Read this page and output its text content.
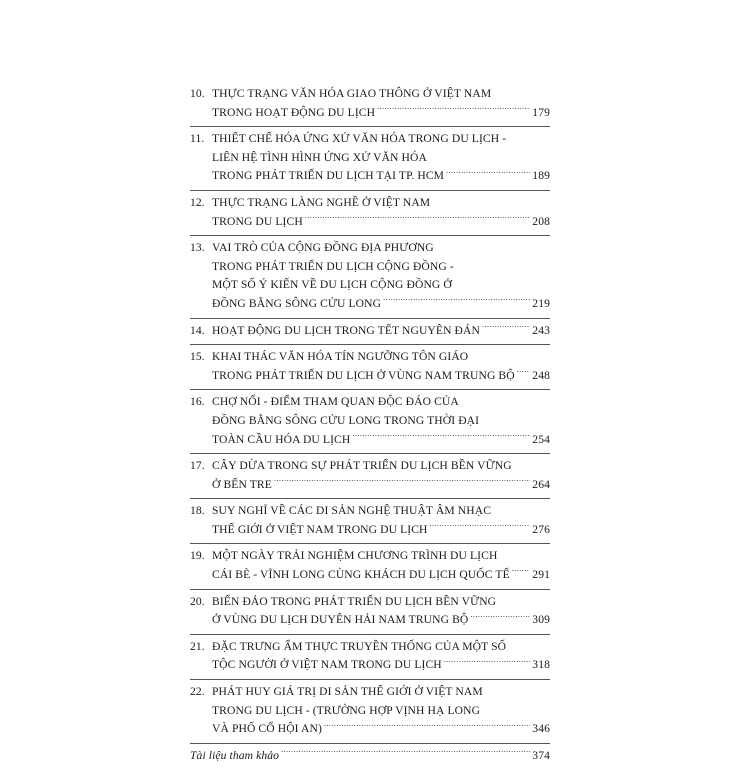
10. THỰC TRẠNG VĂN HÓA GIAO THÔNG Ở VIỆT NAM
TRONG HOẠT ĐỘNG DU LỊCH .....	179
11. THIẾT CHẾ HÓA ỨNG XỬ VĂN HÓA TRONG DU LỊCH -
LIÊN HỆ TÌNH HÌNH ỨNG XỬ VĂN HÓA
TRONG PHÁT TRIỂN DU LỊCH TẠI TP. HCM .....	189
12. THỰC TRẠNG LÀNG NGHỀ Ở VIỆT NAM
TRONG DU LỊCH .....	208
13. VAI TRÒ CỦA CỘNG ĐỒNG ĐỊA PHƯƠNG
TRONG PHÁT TRIỂN DU LỊCH CỘNG ĐỒNG -
MỘT SỐ Ý KIẾN VỀ DU LỊCH CỘNG ĐỒNG Ở
ĐỒNG BẰNG SÔNG CỬU LONG .....	219
14. HOẠT ĐỘNG DU LỊCH TRONG TẾT NGUYÊN ĐÁN .....	243
15. KHAI THÁC VĂN HÓA TÍN NGƯỠNG TÔN GIÁO
TRONG PHÁT TRIỂN DU LỊCH Ở VÙNG NAM TRUNG BỘ ..... 248
16. CHỢ NỔI - ĐIỂM THAM QUAN ĐỘC ĐÁO CỦA
ĐỒNG BẰNG SÔNG CỬU LONG TRONG THỜI ĐẠI
TOÀN CẦU HÓA DU LỊCH .....	254
17. CÂY DỪA TRONG SỰ PHÁT TRIỂN DU LỊCH BỀN VỮNG
Ở BẾN TRE .....	264
18. SUY NGHĨ VỀ CÁC DI SẢN NGHỆ THUẬT ÂM NHẠC
THẾ GIỚI Ở VIỆT NAM TRONG DU LỊCH .....	276
19. MỘT NGÀY TRẢI NGHIỆM CHƯƠNG TRÌNH DU LỊCH
CÁI BÈ - VĨNH LONG CÙNG KHÁCH DU LỊCH QUỐC TẾ ..... 291
20. BIỂN ĐẢO TRONG PHÁT TRIỂN DU LỊCH BỀN VỮNG
Ở VÙNG DU LỊCH DUYÊN HẢI NAM TRUNG BỘ .....	309
21. ĐẶC TRƯNG ẨM THỰC TRUYỀN THỐNG CỦA MỘT SỐ
TỘC NGƯỜI Ở VIỆT NAM TRONG DU LỊCH .....	318
22. PHÁT HUY GIÁ TRỊ DI SẢN THẾ GIỚI Ở VIỆT NAM
TRONG DU LỊCH - (TRƯỜNG HỢP VỊNH HẠ LONG
VÀ PHỐ CỔ HỘI AN) .....	346
Tài liệu tham khảo .....	374
